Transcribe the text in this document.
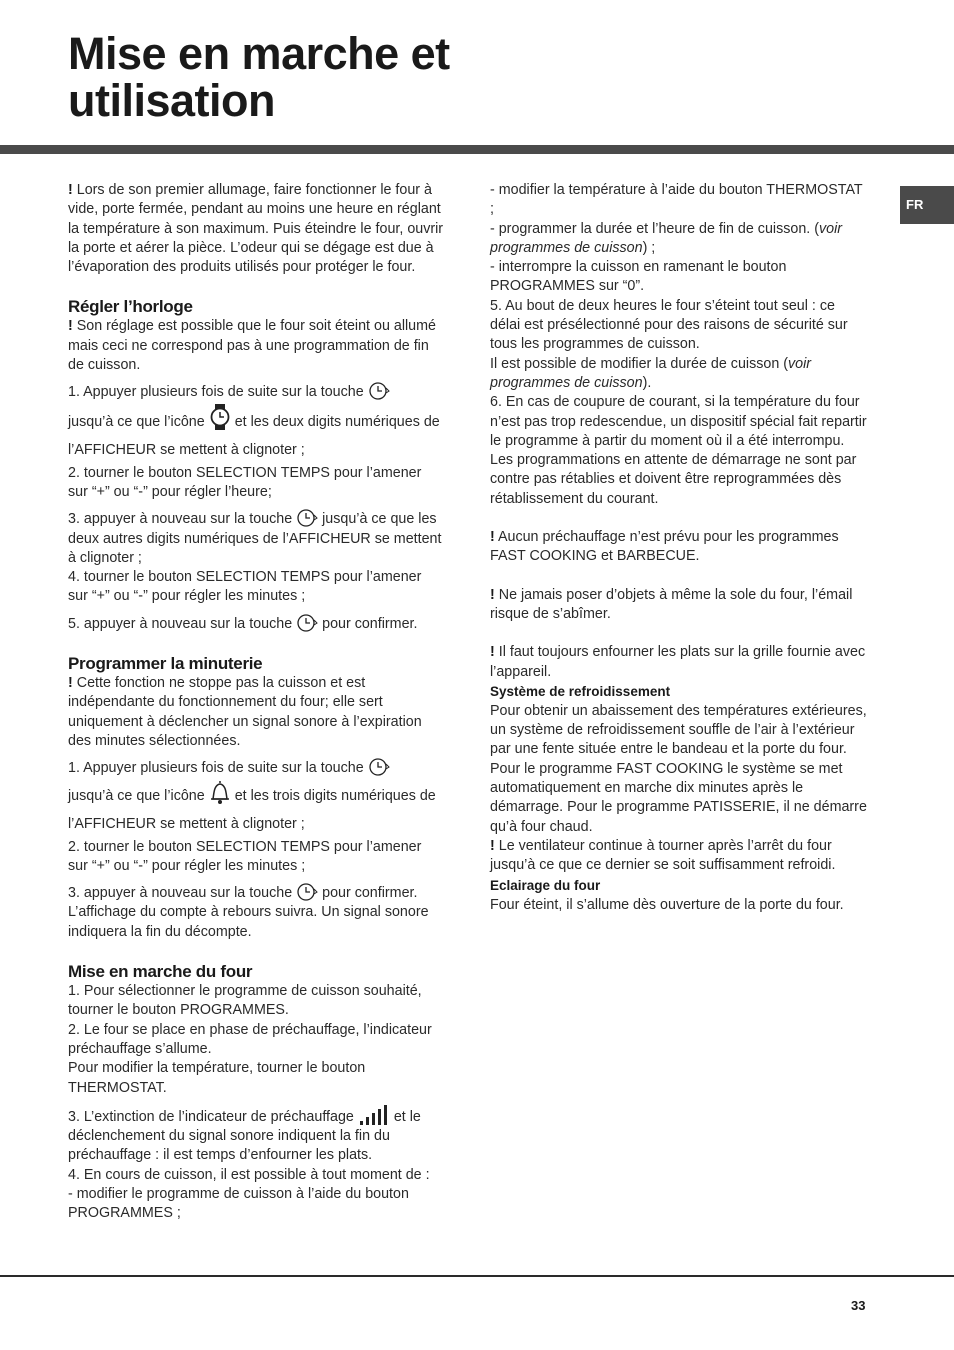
Mise en marche et
utilisation
FR

! Lors de son premier allumage, faire fonctionner le four à vide, porte fermée, pendant au moins une heure en réglant la température à son maximum. Puis éteindre le four, ouvrir la porte et aérer la pièce. L’odeur qui se dégage est due à l’évaporation des produits utilisés pour protéger le four.

Régler l’horloge

! Son réglage est possible que le four soit éteint ou allumé mais ceci ne correspond pas à une programmation de fin de cuisson.

1. Appuyer plusieurs fois de suite sur la touche

jusqu’à ce que l’icône et les deux digits numériques de l’AFFICHEUR se mettent à clignoter ;

2. tourner le bouton SELECTION TEMPS pour l’amener sur “+” ou “-” pour régler l’heure;

3. appuyer à nouveau sur la touche jusqu’à ce que les deux autres digits numériques de l’AFFICHEUR se mettent à clignoter ;

4. tourner le bouton SELECTION TEMPS pour l’amener sur “+” ou “-” pour régler les minutes ;

5. appuyer à nouveau sur la touche pour confirmer.

Programmer la minuterie

! Cette fonction ne stoppe pas la cuisson et est indépendante du fonctionnement du four; elle sert uniquement à déclencher un signal sonore à l’expiration des minutes sélectionnées.

1. Appuyer plusieurs fois de suite sur la touche

jusqu’à ce que l’icône et les trois digits numériques de l’AFFICHEUR se mettent à clignoter ;

2. tourner le bouton SELECTION TEMPS pour l’amener sur “+” ou “-” pour régler les minutes ;

3. appuyer à nouveau sur la touche pour confirmer. L’affichage du compte à rebours suivra. Un signal sonore indiquera la fin du décompte.

Mise en marche du four

1. Pour sélectionner le programme de cuisson souhaité, tourner le bouton PROGRAMMES.

2. Le four se place en phase de préchauffage, l’indicateur préchauffage s’allume.

Pour modifier la température, tourner le bouton THERMOSTAT.

3. L’extinction de l’indicateur de préchauffage	et le déclenchement du signal sonore indiquent la fin du préchauffage : il est temps d’enfourner les plats.

4. En cours de cuisson, il est possible à tout moment de :

- modifier le programme de cuisson à l’aide du bouton PROGRAMMES ;

- modifier la température à l’aide du bouton THERMOSTAT ;

- programmer la durée et l’heure de fin de cuisson. (voir programmes de cuisson) ;

- interrompre la cuisson en ramenant le bouton PROGRAMMES sur “0”.

5. Au bout de deux heures le four s’éteint tout seul : ce délai est présélectionné pour des raisons de sécurité sur tous les programmes de cuisson.

Il est possible de modifier la durée de cuisson (voir programmes de cuisson).

6. En cas de coupure de courant, si la température du four n’est pas trop redescendue, un dispositif spécial fait repartir le programme à partir du moment où il a été interrompu. Les programmations en attente de démarrage ne sont par contre pas rétablies et doivent être reprogrammées dès rétablissement du courant.

! Aucun préchauffage n’est prévu pour les programmes FAST COOKING et BARBECUE.

! Ne jamais poser d’objets à même la sole du four, l’émail risque de s’abîmer.

! Il faut toujours enfourner les plats sur la grille fournie avec l’appareil.

Système de refroidissement

Pour obtenir un abaissement des températures extérieures, un système de refroidissement souffle de l’air à l’extérieur par une fente située entre le bandeau et la porte du four. Pour le programme FAST COOKING le système se met automatiquement en marche dix minutes après le démarrage. Pour le programme PATISSERIE, il ne démarre qu’à four chaud.

! Le ventilateur continue à tourner après l’arrêt du four jusqu’à ce que ce dernier se soit suffisamment refroidi.

Eclairage du four

Four éteint, il s’allume dès ouverture de la porte du four.

33
